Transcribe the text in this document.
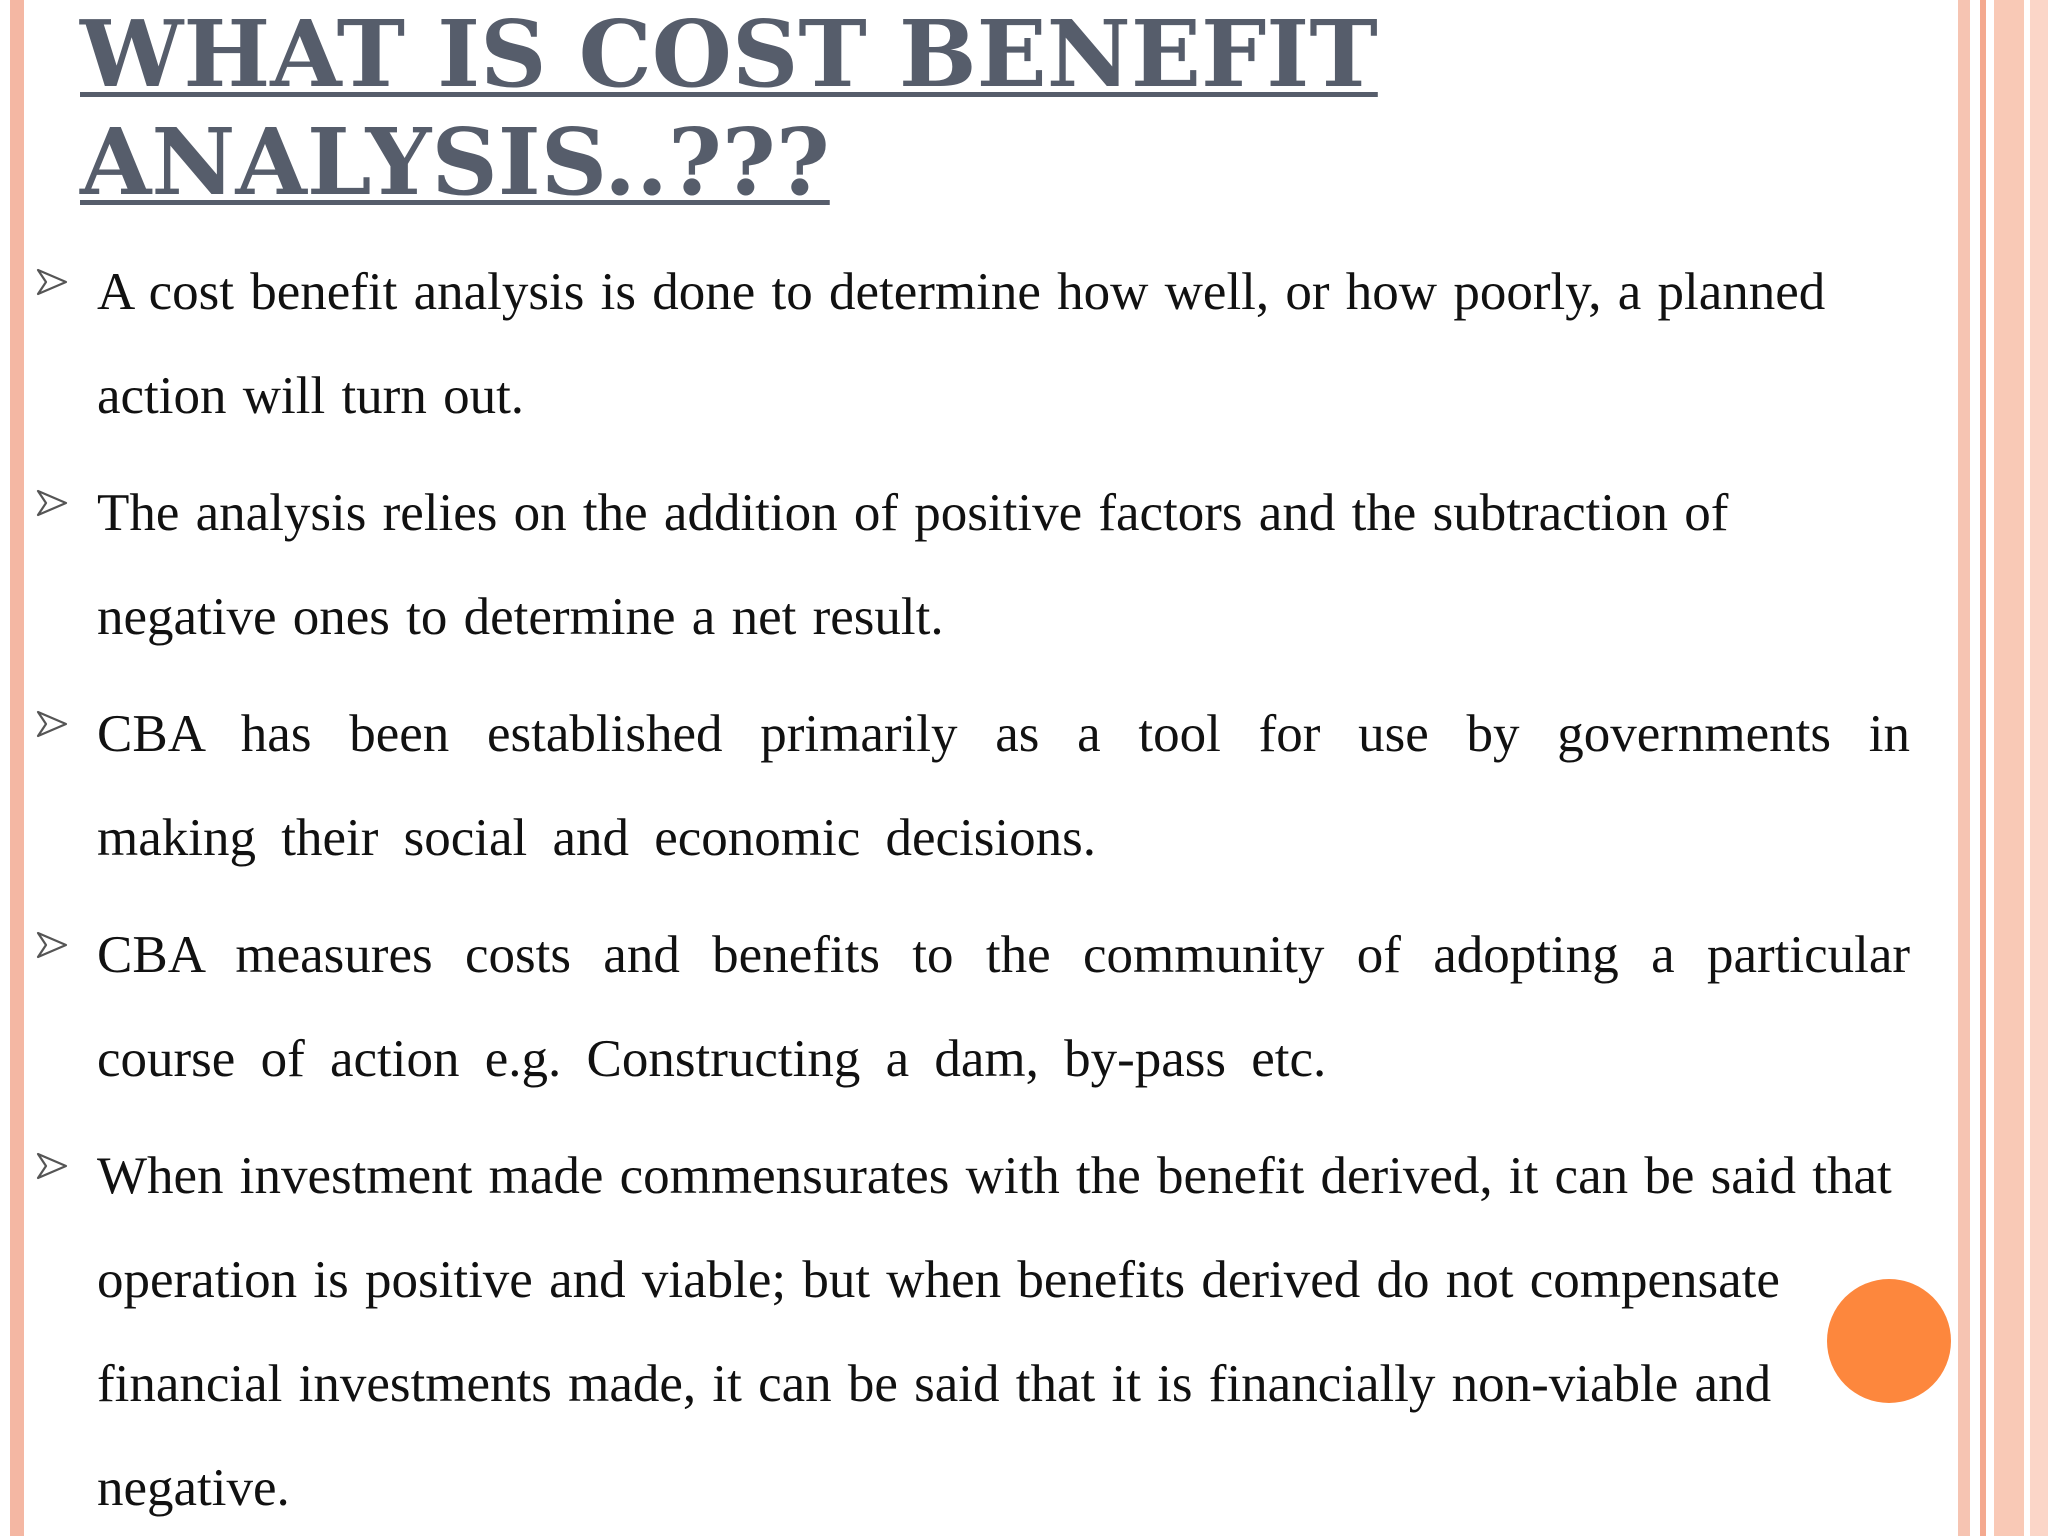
WHAT IS COST BENEFIT
ANALYSIS..???
A cost benefit analysis is done to determine how well, or how poorly, a planned action will turn out.
The analysis relies on the addition of positive factors and the subtraction of negative ones to determine a net result.
CBA has been established primarily as a tool for use by governments in making their social and economic decisions.
CBA measures costs and benefits to the community of adopting a particular course of action e.g. Constructing a dam, by-pass etc.
When investment made commensurates with the benefit derived, it can be said that operation is positive and viable; but when benefits derived do not compensate financial investments made, it can be said that it is financially non-viable and negative.
